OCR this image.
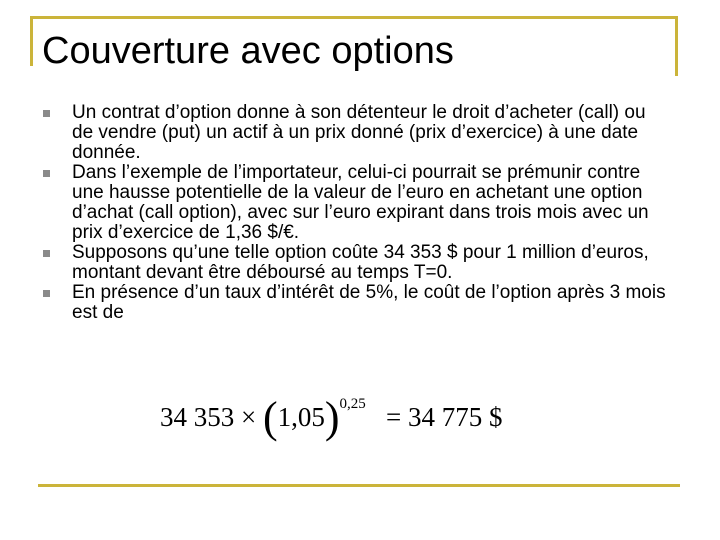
Couverture avec options
Un contrat d’option donne à son détenteur le droit d’acheter (call) ou de vendre (put) un actif à un prix donné (prix d’exercice) à une date donnée.
Dans l’exemple de l’importateur, celui-ci pourrait se prémunir contre une hausse potentielle de la valeur de l’euro en achetant une option d’achat (call option), avec sur l’euro expirant dans trois mois avec un prix d’exercice de 1,36 $/€.
Supposons qu’une telle option coûte 34 353 $ pour 1 million d’euros, montant devant être déboursé au temps T=0.
En présence d’un taux d’intérêt de 5%, le coût de l’option après 3 mois est de
34 $353 \times (1,05)^{0,25} = 34$ 775 $
